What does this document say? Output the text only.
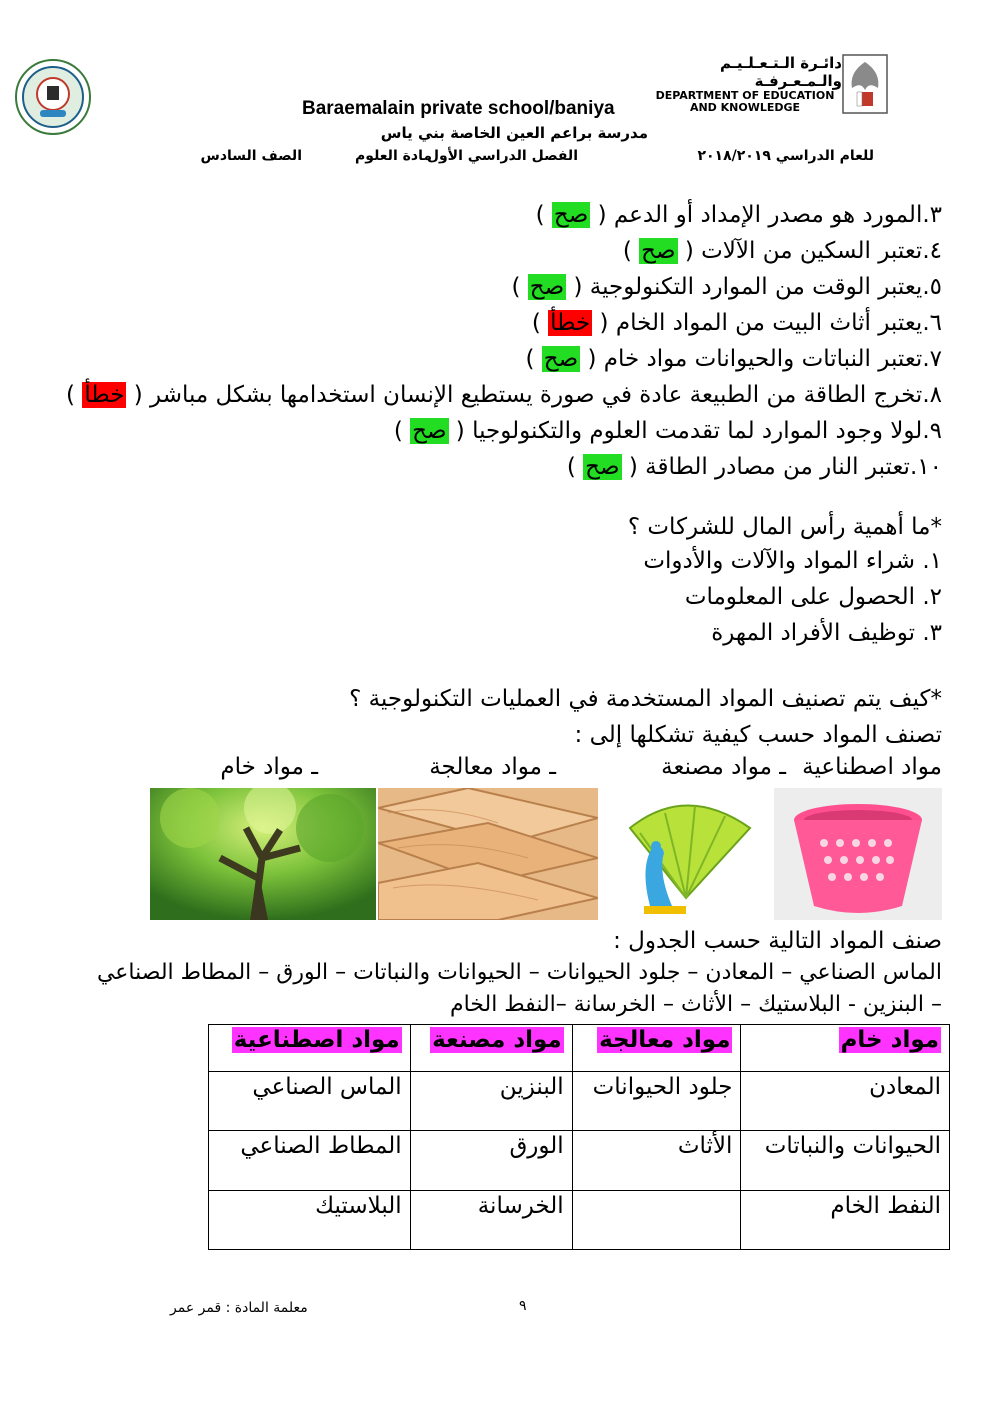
دائـرة الـتـعـلـيـم والـمـعـرفـة
DEPARTMENT OF EDUCATION
AND KNOWLEDGE
Baraemalain private school/baniya
مدرسة براعم العين الخاصة بني ياس
للعام الدراسي ٢٠١٨/٢٠١٩
الفصل الدراسي الأول
مادة العلوم
الصف السادس
٣.المورد هو مصدر الإمداد أو الدعم ( صح )
٤.تعتبر السكين من الآلات ( صح )
٥.يعتبر الوقت من الموارد التكنولوجية ( صح )
٦.يعتبر أثاث البيت من المواد الخام ( خطأ )
٧.تعتبر النباتات والحيوانات مواد خام ( صح )
٨.تخرج الطاقة من الطبيعة عادة في صورة يستطيع الإنسان استخدامها بشكل مباشر ( خطأ )
٩.لولا وجود الموارد لما تقدمت العلوم والتكنولوجيا ( صح )
١٠.تعتبر النار من مصادر الطاقة ( صح )
*ما أهمية رأس المال للشركات ؟
١. شراء المواد والآلات والأدوات
٢. الحصول على المعلومات
٣. توظيف الأفراد المهرة
*كيف يتم تصنيف المواد المستخدمة في العمليات التكنولوجية ؟
تصنف المواد حسب كيفية تشكلها إلى :
مواد اصطناعية
ـ مواد مصنعة
ـ مواد معالجة
ـ مواد خام
صنف المواد التالية حسب الجدول :
الماس الصناعي – المعادن – جلود الحيوانات – الحيوانات والنباتات – الورق – المطاط الصناعي
– البنزين - البلاستيك – الأثاث – الخرسانة –النفط الخام
مواد خام	مواد معالجة	مواد مصنعة	مواد اصطناعية
المعادن	جلود الحيوانات	البنزين	الماس الصناعي
الحيوانات والنباتات	الأثاث	الورق	المطاط الصناعي
النفط الخام		الخرسانة	البلاستيك
معلمة المادة : قمر عمر	٩
